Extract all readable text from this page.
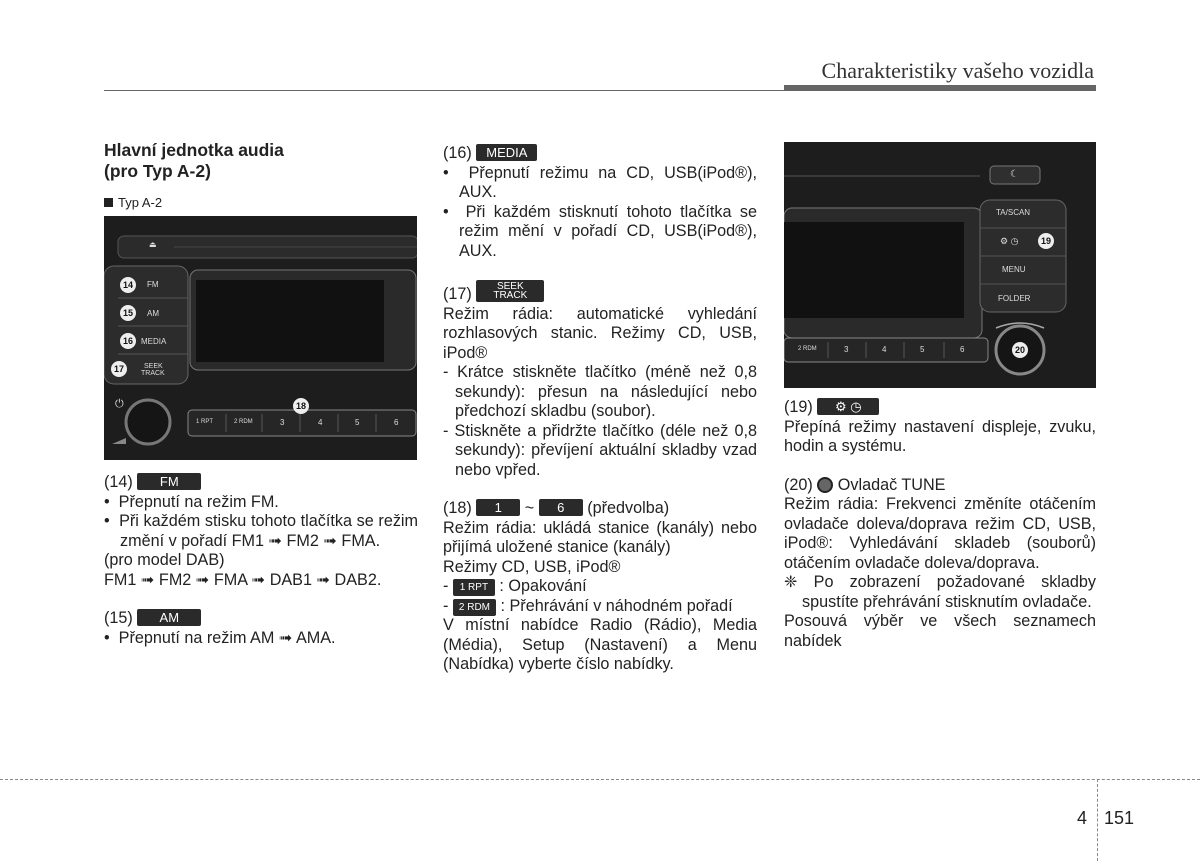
Charakteristiky vašeho vozidla

Hlavní jednotka audia

(pro Typ A-2)

Typ A-2

⏏
FM
AM
MEDIA
SEEK
TRACK
⏻
1 RPT	2 RDM	3	4	5	6
14
15
16
17
18

(14) FM

•  Přepnutí na režim FM.

•  Při každém stisku tohoto tlačítka se režim změní v pořadí FM1 ➟ FM2 ➟ FMA.

(pro model DAB)

FM1 ➟ FM2 ➟ FMA ➟ DAB1 ➟ DAB2.

(15) AM

•  Přepnutí na režim AM ➟ AMA.

(16) MEDIA

•  Přepnutí režimu na CD, USB(iPod®), AUX.

•  Při každém stisknutí tohoto tlačítka se režim mění v pořadí CD, USB(iPod®), AUX.

(17)	SEEK
TRACK

Režim rádia: automatické vyhledání rozhlasových stanic. Režimy CD, USB, iPod®

- Krátce stiskněte tlačítko (méně než 0,8 sekundy): přesun na následující nebo předchozí skladbu (soubor).

- Stiskněte a přidržte tlačítko (déle než 0,8 sekundy): převíjení aktuální skladby vzad nebo vpřed.

(18) 1 ~ 6 (předvolba)

Režim rádia: ukládá stanice (kanály) nebo přijímá uložené stanice (kanály)

Režimy CD, USB, iPod®

- 1 RPT : Opakování

- 2 RDM : Přehrávání v náhodném pořadí

V místní nabídce Radio (Rádio), Media (Média), Setup (Nastavení) a Menu (Nabídka) vyberte číslo nabídky.

☾
TA/SCAN
⚙ ◷
MENU
FOLDER
2 RDM	3	4	5	6
19
20

(19) ⚙ ◷

Přepíná režimy nastavení displeje, zvuku, hodin a systému.

(20) Ovladač TUNE

Režim rádia: Frekvenci změníte otáčením ovladače doleva/doprava režim CD, USB, iPod®: Vyhledávání skladeb (souborů) otáčením ovladače doleva/doprava.

❈ Po zobrazení požadované skladby spustíte přehrávání stisknutím ovladače.

Posouvá výběr ve všech seznamech nabídek

4 151
